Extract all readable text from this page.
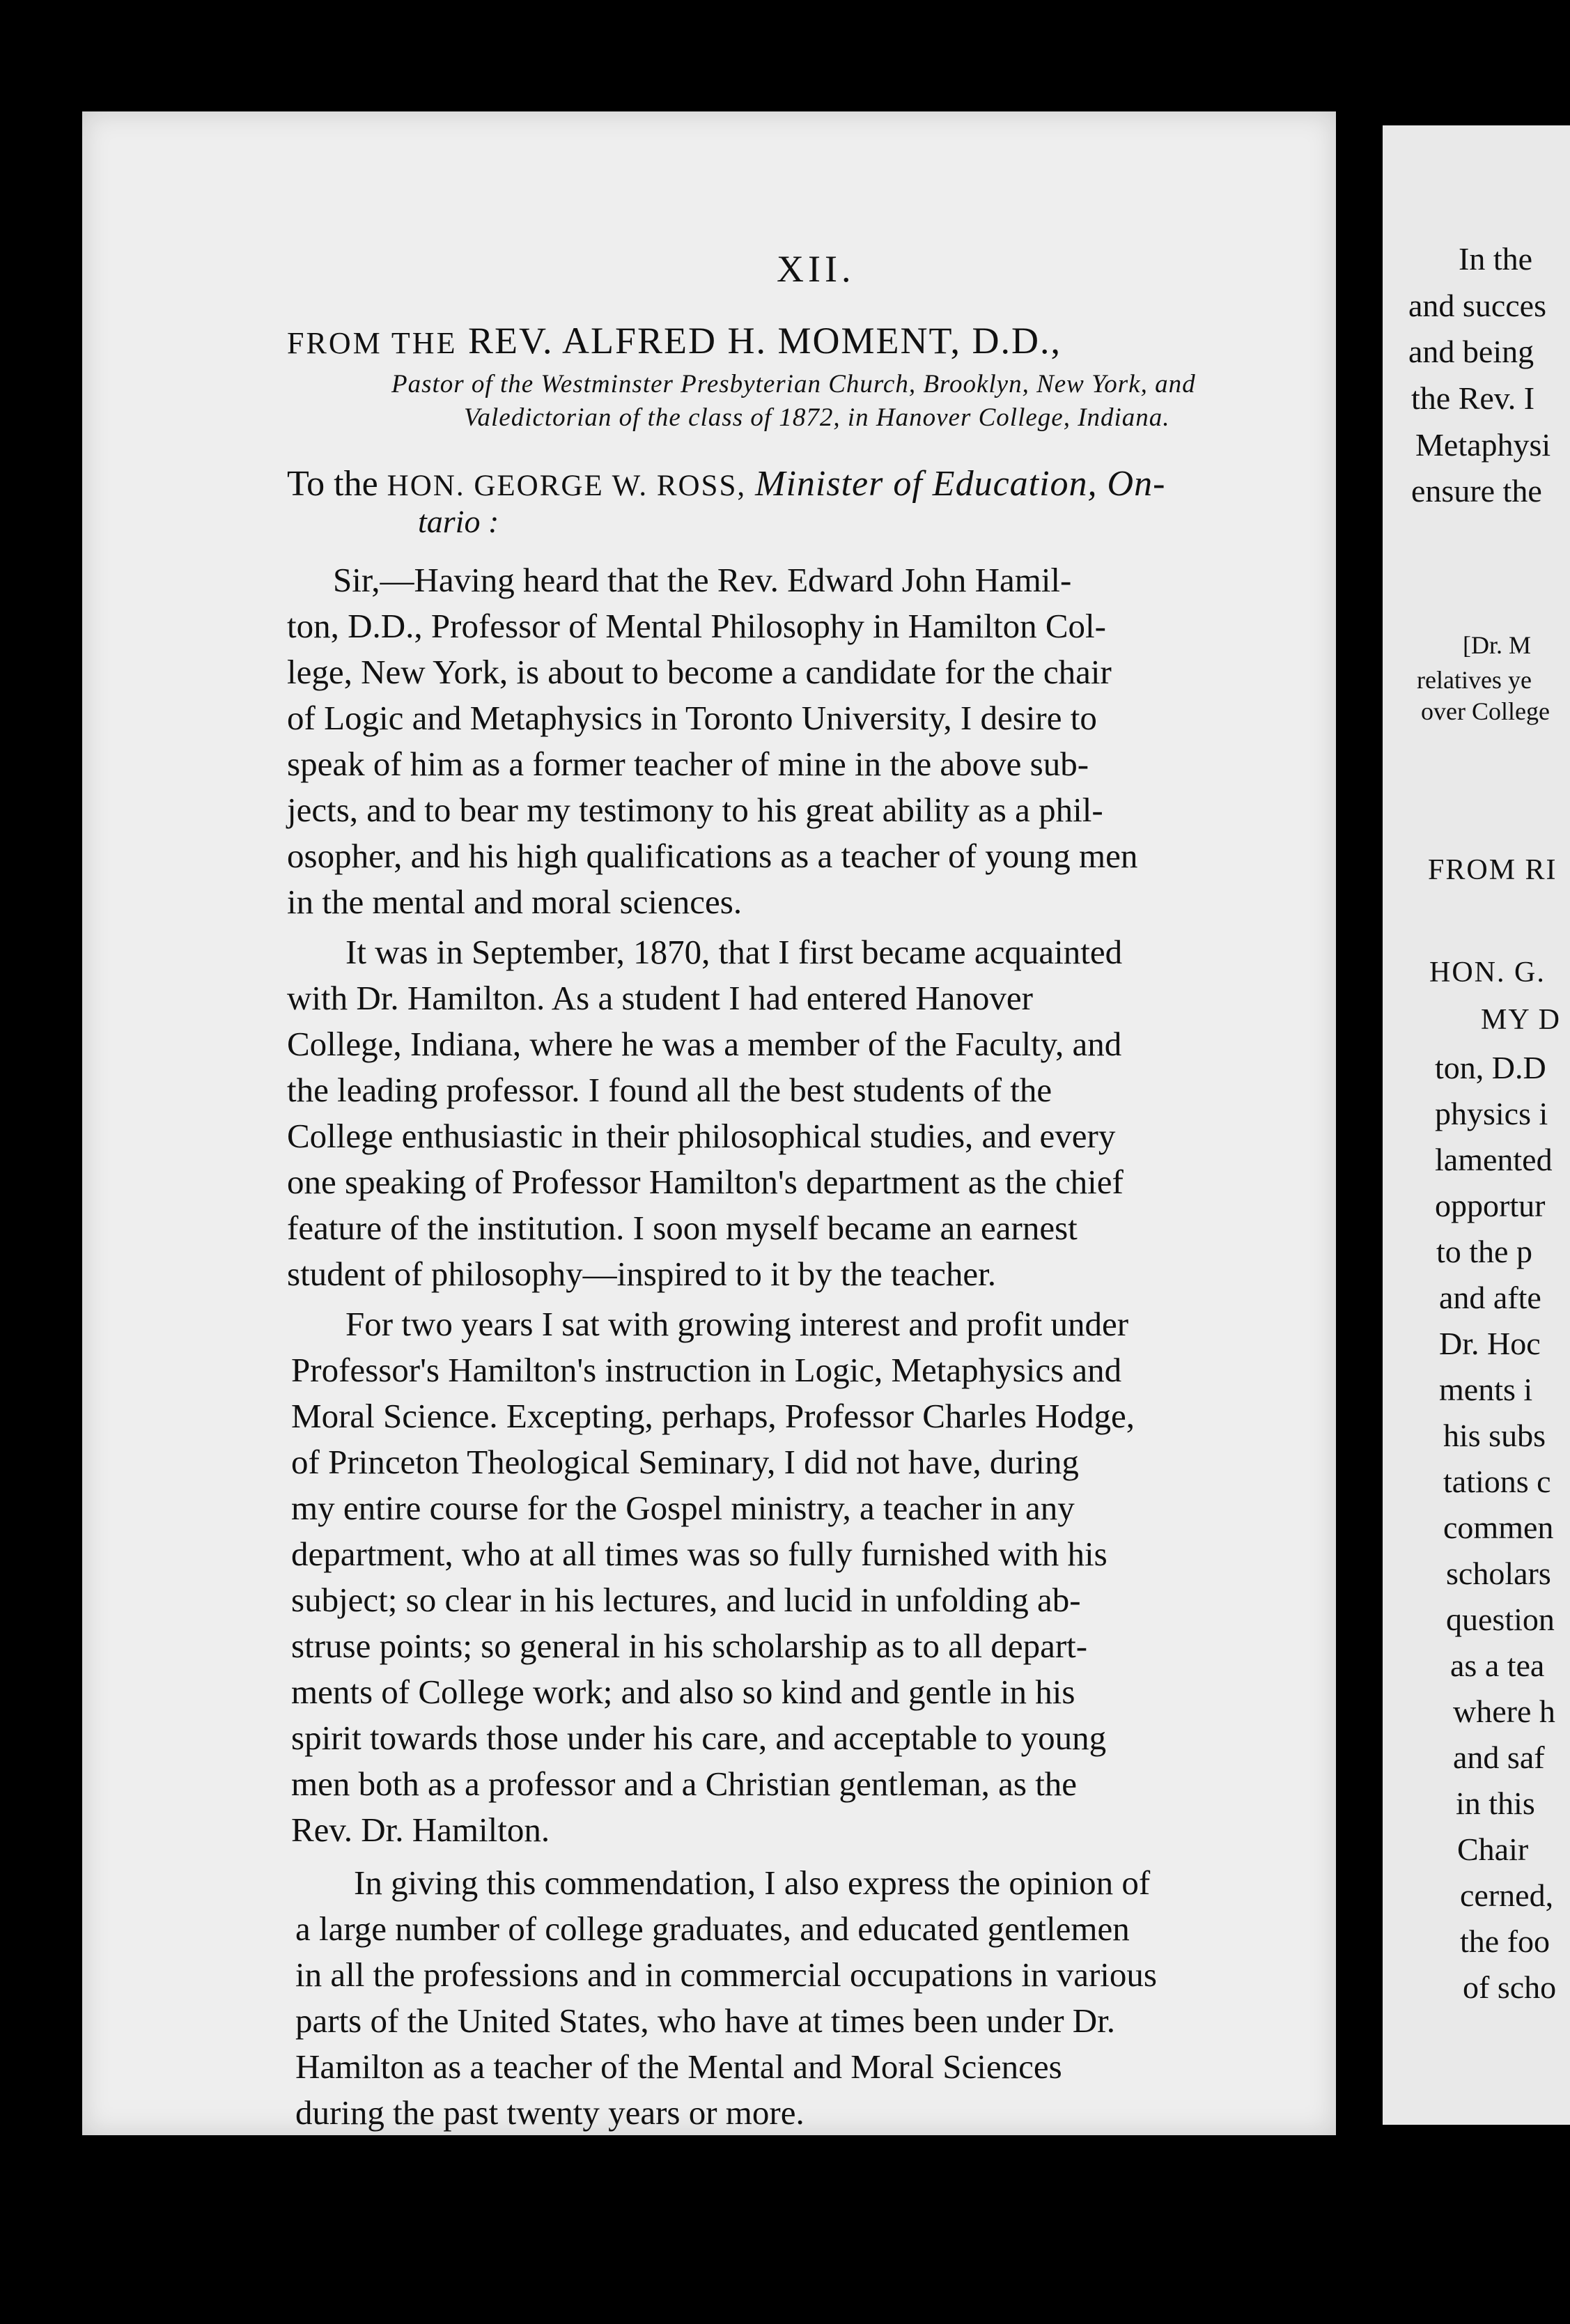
XII.
FROM THE REV. ALFRED H. MOMENT, D.D.,
Pastor of the Westminster Presbyterian Church, Brooklyn, New York, and
Valedictorian of the class of 1872, in Hanover College, Indiana.
To the HON. GEORGE W. ROSS, Minister of Education, On-
tario :
Sir,—Having heard that the Rev. Edward John Hamil-
ton, D.D., Professor of Mental Philosophy in Hamilton Col-
lege, New York, is about to become a candidate for the chair
of Logic and Metaphysics in Toronto University, I desire to
speak of him as a former teacher of mine in the above sub-
jects, and to bear my testimony to his great ability as a phil-
osopher, and his high qualifications as a teacher of young men
in the mental and moral sciences.
It was in September, 1870, that I first became acquainted
with Dr. Hamilton. As a student I had entered Hanover
College, Indiana, where he was a member of the Faculty, and
the leading professor. I found all the best students of the
College enthusiastic in their philosophical studies, and every
one speaking of Professor Hamilton's department as the chief
feature of the institution. I soon myself became an earnest
student of philosophy—inspired to it by the teacher.
For two years I sat with growing interest and profit under
Professor's Hamilton's instruction in Logic, Metaphysics and
Moral Science. Excepting, perhaps, Professor Charles Hodge,
of Princeton Theological Seminary, I did not have, during
my entire course for the Gospel ministry, a teacher in any
department, who at all times was so fully furnished with his
subject; so clear in his lectures, and lucid in unfolding ab-
struse points; so general in his scholarship as to all depart-
ments of College work; and also so kind and gentle in his
spirit towards those under his care, and acceptable to young
men both as a professor and a Christian gentleman, as the
Rev. Dr. Hamilton.
In giving this commendation, I also express the opinion of
a large number of college graduates, and educated gentlemen
in all the professions and in commercial occupations in various
parts of the United States, who have at times been under Dr.
Hamilton as a teacher of the Mental and Moral Sciences
during the past twenty years or more.
In the
and succes
and being
the Rev. I
Metaphysi
ensure the
[Dr. M
relatives ye
over College
FROM RI
HON. G.
MY D
ton, D.D
physics i
lamented
opportur
to the p
and afte
Dr. Hoc
ments i
his subs
tations c
commen
scholars
question
as a tea
where h
and saf
in this
Chair
cerned,
the foo
of scho
